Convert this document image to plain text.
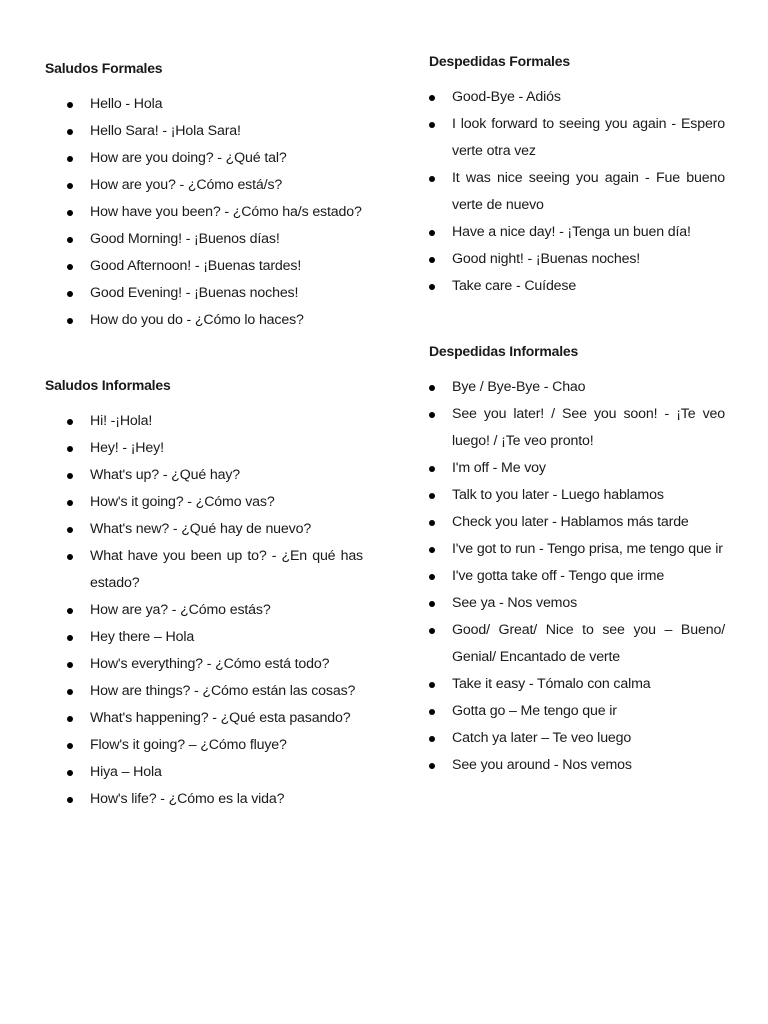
Saludos Formales
Hello - Hola
Hello Sara! - ¡Hola Sara!
How are you doing? - ¿Qué tal?
How are you? - ¿Cómo está/s?
How have you been? - ¿Cómo ha/s estado?
Good Morning! - ¡Buenos días!
Good Afternoon! - ¡Buenas tardes!
Good Evening! - ¡Buenas noches!
How do you do - ¿Cómo lo haces?
Saludos Informales
Hi! -¡Hola!
Hey! - ¡Hey!
What's up? - ¿Qué hay?
How's it going? - ¿Cómo vas?
What's new? - ¿Qué hay de nuevo?
What have you been up to? - ¿En qué has estado?
How are ya? - ¿Cómo estás?
Hey there – Hola
How's everything? - ¿Cómo está todo?
How are things? - ¿Cómo están las cosas?
What's happening? - ¿Qué esta pasando?
Flow's it going? – ¿Cómo fluye?
Hiya – Hola
How's life? - ¿Cómo es la vida?
Despedidas Formales
Good-Bye - Adiós
I look forward to seeing you again - Espero verte otra vez
It was nice seeing you again - Fue bueno verte de nuevo
Have a nice day! - ¡Tenga un buen día!
Good night! - ¡Buenas noches!
Take care - Cuídese
Despedidas Informales
Bye / Bye-Bye - Chao
See you later! / See you soon! - ¡Te veo luego! / ¡Te veo pronto!
I'm off - Me voy
Talk to you later - Luego hablamos
Check you later - Hablamos más tarde
I've got to run - Tengo prisa, me tengo que ir
I've gotta take off - Tengo que irme
See ya - Nos vemos
Good/ Great/ Nice to see you – Bueno/ Genial/ Encantado de verte
Take it easy - Tómalo con calma
Gotta go – Me tengo que ir
Catch ya later – Te veo luego
See you around - Nos vemos
